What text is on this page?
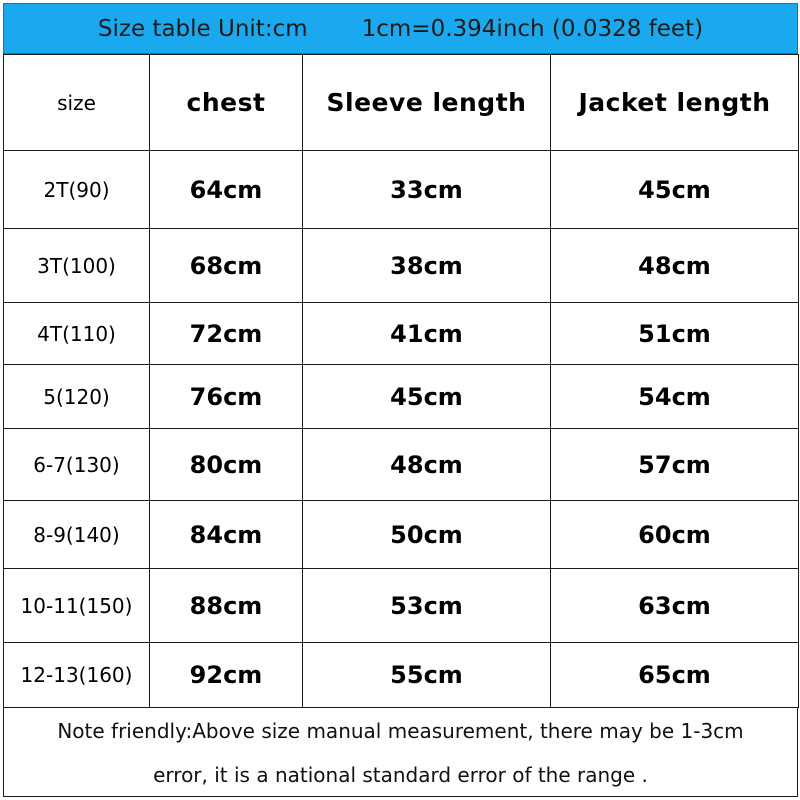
Size table Unit:cm 1cm=0.394inch (0.0328 feet)
size	chest	Sleeve length	Jacket length
2T(90)	64cm	33cm	45cm
3T(100)	68cm	38cm	48cm
4T(110)	72cm	41cm	51cm
5(120)	76cm	45cm	54cm
6-7(130)	80cm	48cm	57cm
8-9(140)	84cm	50cm	60cm
10-11(150)	88cm	53cm	63cm
12-13(160)	92cm	55cm	65cm
Note friendly:Above size manual measurement, there may be 1-3cm
error, it is a national standard error of the range .
